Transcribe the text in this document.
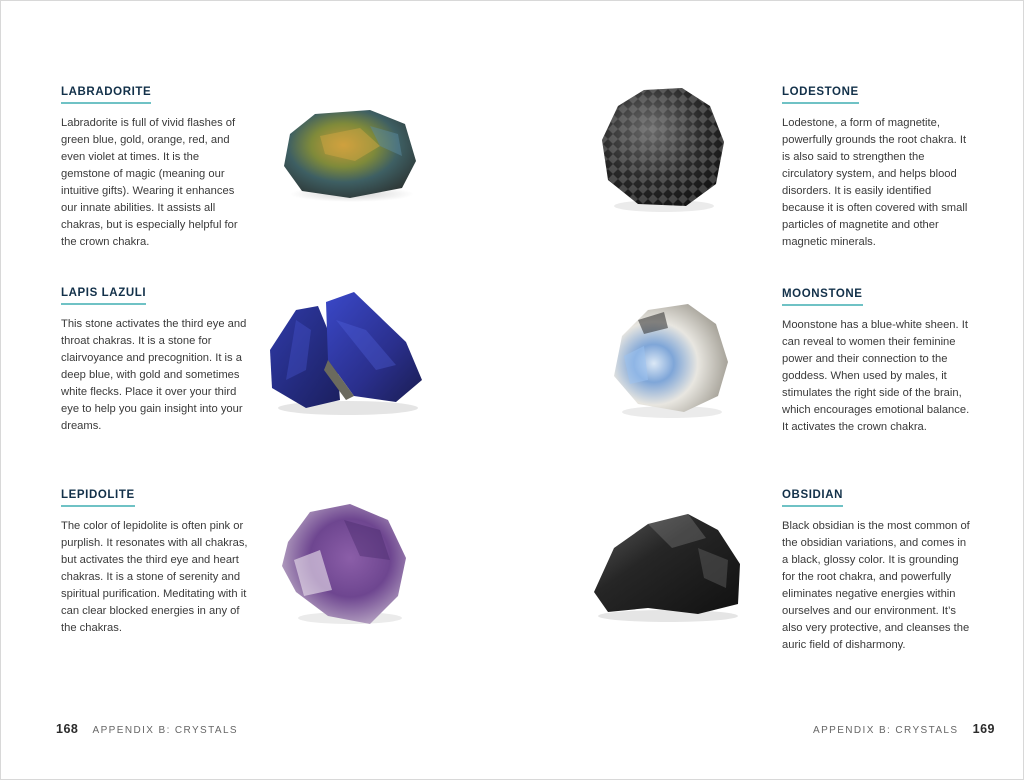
LABRADORITE

Labradorite is full of vivid flashes of green blue, gold, orange, red, and even violet at times. It is the gemstone of magic (meaning our intuitive gifts). Wearing it enhances our innate abilities. It assists all chakras, but is especially helpful for the crown chakra.

LAPIS LAZULI

This stone activates the third eye and throat chakras. It is a stone for clairvoyance and precognition. It is a deep blue, with gold and sometimes white flecks. Place it over your third eye to help you gain insight into your dreams.

LEPIDOLITE

The color of lepidolite is often pink or purplish. It resonates with all chakras, but activates the third eye and heart chakras. It is a stone of serenity and spiritual purification. Meditating with it can clear blocked energies in any of the chakras.

168 APPENDIX B: CRYSTALS
LODESTONE

Lodestone, a form of magnetite, powerfully grounds the root chakra. It is also said to strengthen the circulatory system, and helps blood disorders. It is easily identified because it is often covered with small particles of magnetite and other magnetic minerals.

MOONSTONE

Moonstone has a blue-white sheen. It can reveal to women their feminine power and their connection to the goddess. When used by males, it stimulates the right side of the brain, which encourages emotional balance. It activates the crown chakra.

OBSIDIAN

Black obsidian is the most common of the obsidian variations, and comes in a black, glossy color. It is grounding for the root chakra, and powerfully eliminates negative energies within ourselves and our environment. It’s also very protective, and cleanses the auric field of disharmony.

APPENDIX B: CRYSTALS 169
